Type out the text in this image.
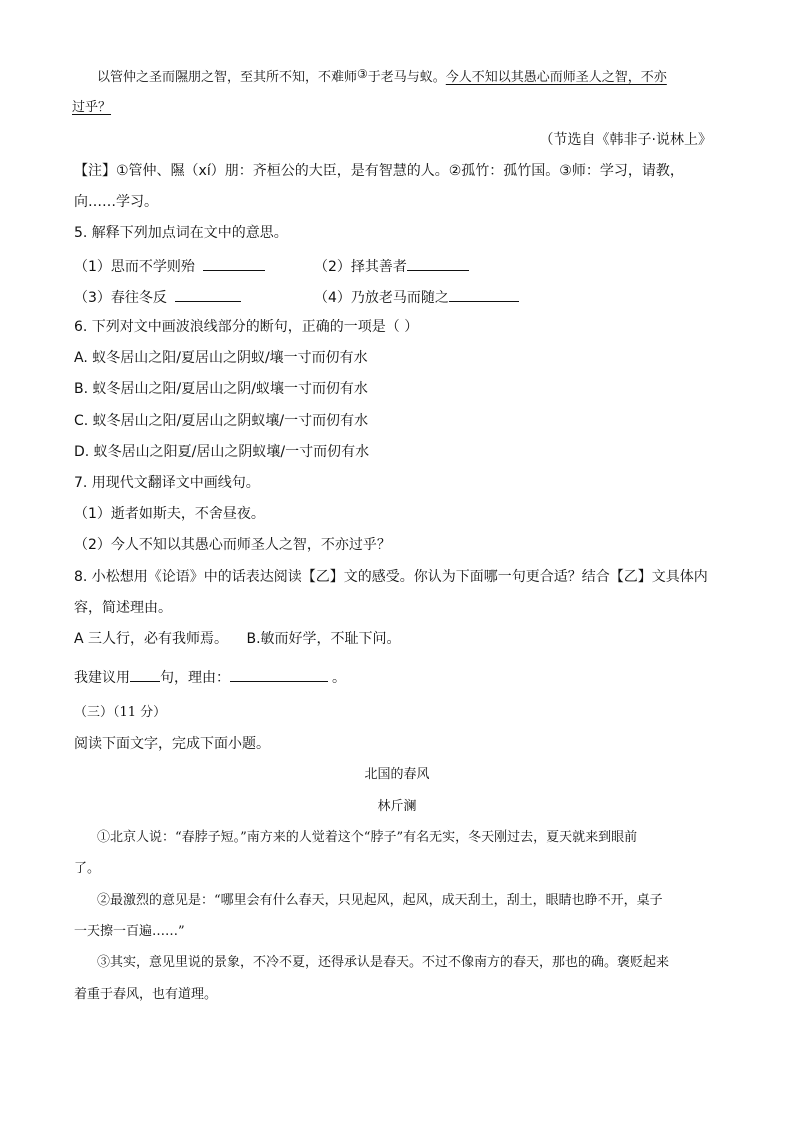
以管仲之圣而隰朋之智，至其所不知，不难师③于老马与蚁。今人不知以其愚心而师圣人之智，不亦
过乎？
（节选自《韩非子·说林上》
【注】①管仲、隰（xí）朋：齐桓公的大臣，是有智慧的人。②孤竹：孤竹国。③师：学习，请教，
向……学习。
5. 解释下列加点词在文中的意思。
（1）思而不学则殆	（2）择其善者
（3）春往冬反	（4）乃放老马而随之
6. 下列对文中画波浪线部分的断句，正确的一项是（ ）
A. 蚁冬居山之阳/夏居山之阴蚁/壤一寸而仞有水
B. 蚁冬居山之阳/夏居山之阴/蚁壤一寸而仞有水
C. 蚁冬居山之阳/夏居山之阴蚁壤/一寸而仞有水
D. 蚁冬居山之阳夏/居山之阴蚁壤/一寸而仞有水
7. 用现代文翻译文中画线句。
（1）逝者如斯夫，不舍昼夜。
（2）今人不知以其愚心而师圣人之智，不亦过乎？
8. 小松想用《论语》中的话表达阅读【乙】文的感受。你认为下面哪一句更合适？结合【乙】文具体内
容，简述理由。
A 三人行，必有我师焉。 B.敏而好学，不耻下问。
我建议用 句，理由：	。
（三）（11 分）
阅读下面文字，完成下面小题。
北国的春风
林斤澜
①北京人说：“春脖子短。”南方来的人觉着这个“脖子”有名无实，冬天刚过去，夏天就来到眼前
了。
②最激烈的意见是：“哪里会有什么春天，只见起风，起风，成天刮土，刮土，眼睛也睁不开，桌子
一天擦一百遍……”
③其实，意见里说的景象，不冷不夏，还得承认是春天。不过不像南方的春天，那也的确。褒贬起来
着重于春风，也有道理。
